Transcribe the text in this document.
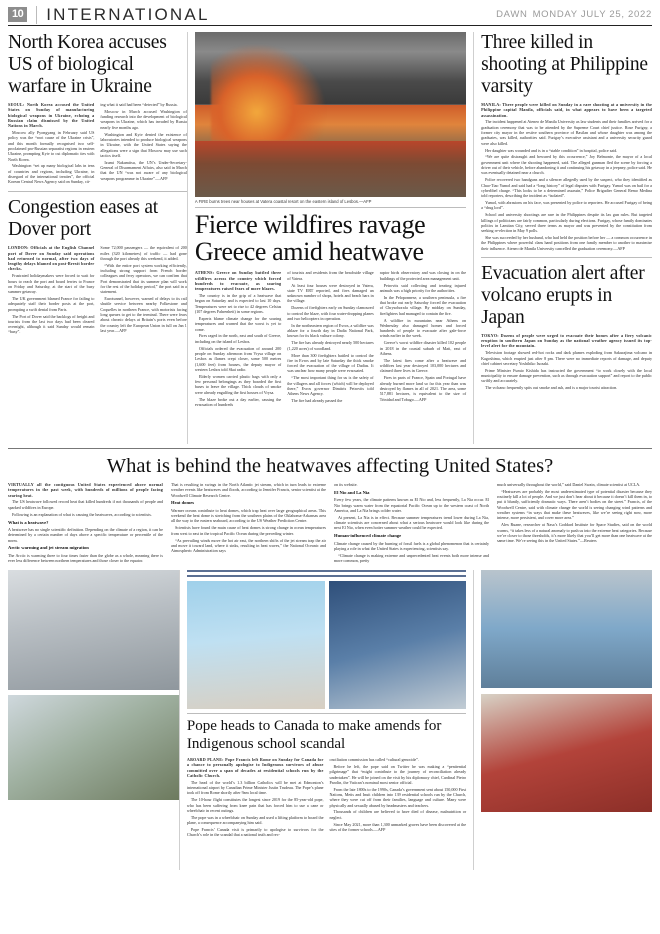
10	INTERNATIONAL	DAWN MONDAY JULY 25, 2022
North Korea accuses US of biological warfare in Ukraine

SEOUL: North Korea accused the United States on Sunday of manufacturing biological weapons in Ukraine, echoing a Russian claim dismissed by the United Nations in March.

Moscow ally Pyongyang in February said US policy was the “root cause of the Ukraine crisis”, and this month formally recognised two self-proclaimed pro-Russian separatist regions in eastern Ukraine, prompting Kyiv to cut diplomatic ties with North Korea.

Washington “set up many biological labs in tens of countries and regions, including Ukraine, in disregard of the international treaties”, the official Korean Central News Agency said on Sunday, cit-

ing what it said had been “detected” by Russia.

Moscow in March accused Washington of funding research into the development of biological weapons in Ukraine, which has invaded by Russia nearly five months ago.

Washington and Kyiv denied the existence of laboratories intended to produce biological weapons in Ukraine, with the United States saying the allegations were a sign that Moscow may use such tactics itself.

Izumi Nakamitsu, the UN’s Under-Secretary-General of Disarmament Affairs, also said in March that the UN “was not aware of any biological weapons programme in Ukraine”.—AFP

Congestion eases at Dover port

LONDON: Officials at the English Channel port of Dover on Sunday said operations had returned to normal, after two days of lengthy delays blamed on post-Brexit border checks.

Frustrated holidaymakers were forced to wait for hours to reach the port and board ferries to France on Friday and Saturday, at the start of the busy summer getaway.

The UK government blamed France for failing to adequately staff their border posts at the port, prompting a swift denial from Paris.

The Port of Dover said the backlogs of freight and tourists from the last two days had been cleared overnight, although it said Sunday would remain “busy”.

Some 72,000 passengers — the equivalent of 200 miles (320 kilometres) of traffic — had gone through the port already this weekend, it added.

“With the entire port system working efficiently, including strong support from French border colleagues and ferry operators, we can confirm that Port demonstrated that its summer plan will work for the rest of the holiday period,” the port said in a statement.

Eurotunnel, however, warned of delays to its rail shuttle service between nearby Folkestone and Coquelles in northern France, with motorists facing long queues to get to the terminal. There were fears about chronic delays at Britain’s ports even before the country left the European Union in full on Jan 1 last year.—AFP

A FIRE burns trees near houses at Vatera coastal resort on the eastern island of Lesbos.—AFP
Fierce wildfires ravage Greece amid heatwave

ATHENS: Greece on Sunday battled three wildfires across the country which forced hundreds to evacuate, as soaring temperatures raised fears of more blazes.

The country is in the grip of a heatwave that began on Saturday and is expected to last 10 days. Temperatures were set to rise to 42 degrees Celsius (107 degrees Fahrenheit) in some regions.

Experts blame climate change for the soaring temperatures and warned that the worst is yet to come.

Fires raged in the north, east and south of Greece, including on the island of Lesbos.

Officials ordered the evacuation of around 200 people on Sunday afternoon from Vrysa village on Lesbos as flames crept closer, some 500 metres (1,600 feet) from houses, the deputy mayor of western Lesbos told Skai radio.

Elderly women carried plastic bags with only a few personal belongings as they boarded the first buses to leave the village. Thick clouds of smoke were already engulfing the first houses of Vrysa.

The blaze broke out a day earlier, causing the evacuation of hundreds

of tourists and residents from the beachside village of Vatera.

At least four houses were destroyed in Vatera, state TV ERT reported, and fires damaged an unknown number of shops, hotels and beach bars in the village.

Dozens of firefighters early on Sunday clamoured to control the blaze, with four water-dropping planes and two helicopters in operation.

In the northeastern region of Evros, a wildfire was ablaze for a fourth day in Dadia National Park, known for its black vulture colony.

The fire has already destroyed nearly 500 hectares (1,220 acres) of woodland.

More than 300 firefighters battled to control the fire in Evros and by late Saturday the thick smoke forced the evacuation of the village of Dadias. It was unclear how many people were evacuated.

“The most important thing for us is the safety of the villagers and all forces (which) will be deployed there,” Evros governor Dimitris Petrovits told Athens News Agency.

The fire had already passed the

raptor birds observatory and was closing in on the buildings of the protected area management unit.

Petrovits said collecting and treating injured animals was a high priority for the authorities.

In the Peloponnese, a southern peninsula, a fire that broke out early Saturday forced the evacuation of Chrysohorafa village. By midday on Sunday, firefighters had managed to contain the fire.

A wildfire in mountains near Athens on Wednesday also damaged homes and forced hundreds of people to evacuate after gale-force winds earlier in the week.

Greece’s worst wildfire disaster killed 102 people in 2018 in the coastal suburb of Mati, east of Athens.

The latest fires come after a heatwave and wildfires last year destroyed 103,000 hectares and claimed three lives in Greece.

Fires in parts of France, Spain and Portugal have already burned more land so far this year than was destroyed by flames in all of 2021. The area, some 517,881 hectares, is equivalent to the size of Trinidad and Tobago.—AFP

Three killed in shooting at Philippine varsity

MANILA: Three people were killed on Sunday in a rare shooting at a university in the Philippine capital Manila, officials said, in what appears to have been a targeted assassination.

The incident happened at Ateneo de Manila University as law students and their families arrived for a graduation ceremony that was to be attended by the Supreme Court chief justice. Rose Furigay, a former city mayor in the restive southern province of Basilan and whose daughter was among the graduates, was killed, authorities said. Furigay’s executive assistant and a university security guard were also killed.

Her daughter was wounded and is in a “stable condition” in hospital, police said.

“We are quite distraught and bewared by this occurrence,” Joy Belmonte, the mayor of a local government unit where the shooting happened, said. The alleged gunman fled the scene by forcing a driver out of their vehicle, before abandoning it and continuing his getaway in a jeepney, police said. He was eventually detained near a church.

Police recovered two handguns and a silencer allegedly used by the suspect, who they identified as Chao-Tiao Yumol and said had a “long history” of legal disputes with Furigay. Yumol was on bail for a cyberlibel charge. “This looks to be a determined assassin,” Police Brigadier General Remo Medina told reporters, describing the incident as “isolated”.

Yumol, with abrasions on his face, was presented by police to reporters. He accused Furigay of being a “drug lord”.

School and university shootings are rare in the Philippines despite its lax gun rules. But targeted killings of politicians are fairly common, particularly during elections. Furigay, whose family dominates politics in Lamitan City, served three terms as mayor and was prevented by the constitution from seeking re-election in May 9 polls.

She was succeeded by her husband, who had held the position before her — a common occurrence in the Philippines where powerful clans hand positions from one family member to another to maximise their influence. Ateneo de Manila University cancelled the graduation ceremony.—AFP

Evacuation alert after volcano erupts in Japan

TOKYO: Dozens of people were urged to evacuate their homes after a fiery volcanic eruption in southern Japan on Sunday as the national weather agency issued its top-level alert for the mountain.

Television footage showed red-hot rocks and dark plumes exploding from Sakurajima volcano in Kagoshima, which erupted just after 8 pm. There were no immediate reports of damage, and deputy chief cabinet secretary Yoshihiko Isozaki.

Prime Minister Fumio Kishida has instructed the government “to work closely with the local municipality to ensure damage prevention, such as through evacuation support” and report to the public swiftly and accurately.

The volcano frequently spits out smoke and ash, and is a major tourist attraction.

What is behind the heatwaves affecting United States?

VIRTUALLY all the contiguous United States experienced above normal temperatures in the past week, with hundreds of millions of people facing searing heat.

The US heatwave followed record heat that killed hundreds if not thousands of people and sparked wildfires in Europe.

Following is an explanation of what is causing the heatwaves, according to scientists.

What is a heatwave?

A heatwave has no single scientific definition. Depending on the climate of a region, it can be determined by a certain number of days above a specific temperature or percentile of the norm.

Arctic warming and jet stream migration

The Arctic is warming three to four times faster than the globe as a whole, meaning there is ever less difference between northern temperatures and those closer to the equator.

That is resulting in swings in the North Atlantic jet stream, which in turn leads to extreme weather events like heatwaves and floods, according to Jennifer Francis, senior scientist at the Woodwell Climate Research Centre.

Heat domes

Warmer oceans contribute to heat domes, which trap heat over large geographical areas. This weekend the heat dome is stretching from the southern plains of the Oklahoma-Arkansas area all the way to the eastern seaboard, according to the US Weather Prediction Centre.

Scientists have found the main cause of heat domes is strong change in ocean temperatures from west to east in the tropical Pacific Ocean during the preceding winter.

“As prevailing winds move the hot air east, the northern shifts of the jet stream trap the air and move it toward land, where it sinks, resulting in heat waves,” the National Oceanic and Atmospheric Administration says

on its website.

El Nio and La Nia

Every few years, the climate patterns known as El Nio and, less frequently, La Nia occur. El Nio brings warm water from the equatorial Pacific Ocean up to the western coast of North America, and La Nia brings colder water.

At present, La Nia is in effect. Because summer temperatures trend lower during La Nia, climate scientists are concerned about what a serious heatwave would look like during the next El Nio, when even hotter summer weather could be expected.

Human-influenced climate change

Climate change caused by the burning of fossil fuels is a global phenomenon that is certainly playing a role in what the United States is experiencing, scientists say.

“Climate change is making extreme and unprecedented heat events both more intense and more common, pretty

much universally throughout the world,” said Daniel Swain, climate scientist at UCLA.

“Heatwaves are probably the most underestimated type of potential disaster because they routinely kill a lot of people. And we just don’t hear about it because it doesn’t kill them in, to put it bluntly, sufficiently dramatic ways. There aren’t bodies on the street.” Francis, of the Woodwell Centre, said with climate change the world is seeing changing wind patterns and weather systems “in ways that make these heatwaves, like we’re seeing right now, more intense, more persistent, and cover more area.”

Alex Ruane, researcher at Nasa’s Goddard Institute for Space Studies, said on the world warms, “it takes less of a natural anomaly to push us into the extreme heat categories. Because we’re closer to those thresholds, it’s more likely that you’ll get more than one heatwave at the same time. We’re seeing this in the United States.”—Reuters

Pope heads to Canada to make amends for Indigenous school scandal

ABOARD PLANE: Pope Francis left Rome on Sunday for Canada for a chance to personally apologise to Indigenous survivors of abuse committed over a span of decades at residential schools run by the Catholic Church.

The head of the world’s 1.3 billion Catholics will be met at Edmonton’s international airport by Canadian Prime Minister Justin Trudeau. The Pope’s plane took off from Rome shortly after 9am local time.

The 10-hour flight constitutes the longest since 2019 for the 85-year-old pope, who has been suffering from knee pain that has forced him to use a cane or wheelchair in recent outings.

The pope was in a wheelchair on Sunday and used a lifting platform to board the plane, a consequence accompanying him said.

Pope Francis’ Canada visit is primarily to apologise to survivors for the Church’s role in the scandal that a national truth and rec-

onciliation commission has called “cultural genocide”.

Before he left, the pope said on Twitter he was making a “penitential pilgrimage” that “might contribute to the journey of reconciliation already undertaken”. He will be joined on the visit by his diplomacy chief, Cardinal Pietro Parolin, the Vatican’s nominal most senior official.

From the late 1800s to the 1990s, Canada’s government sent about 150,000 First Nations, Metis and Inuit children into 139 residential schools run by the Church, where they were cut off from their families, language and culture. Many were physically and sexually abused by headmasters and teachers.

Thousands of children are believed to have died of disease, malnutrition or neglect.

Since May 2021, more than 1,300 unmarked graves have been discovered at the sites of the former schools.—AFP
